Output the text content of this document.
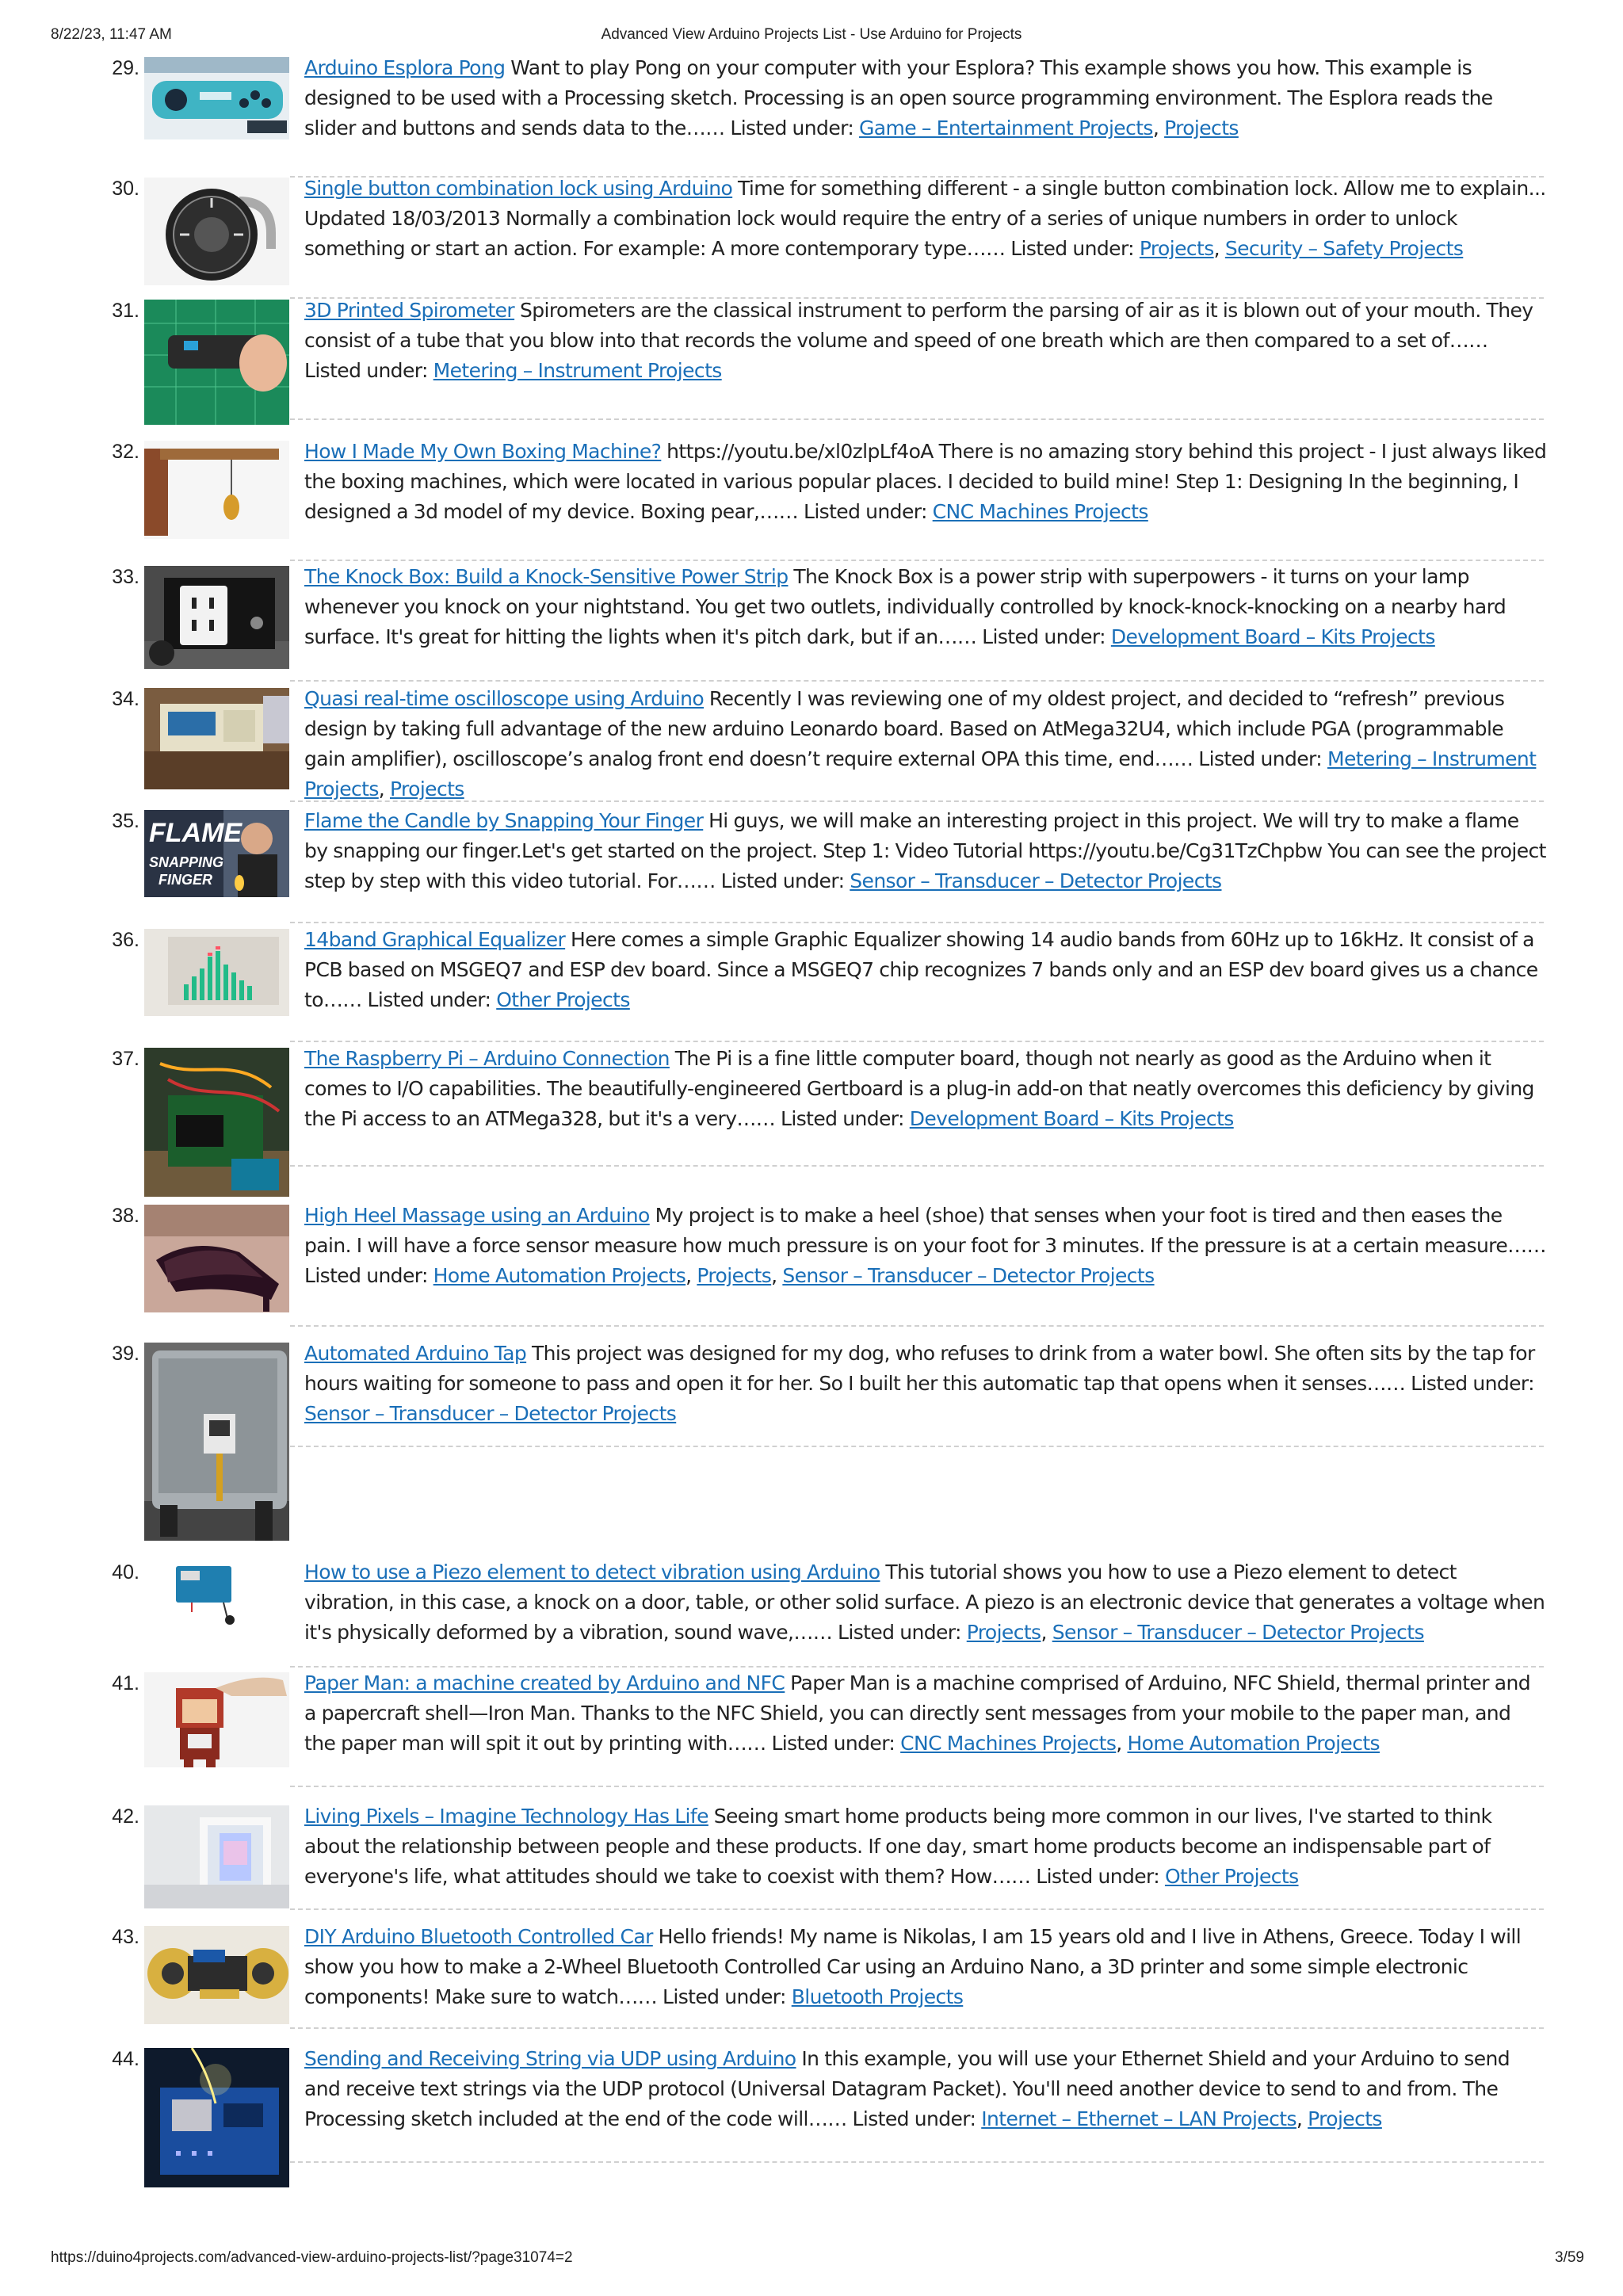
8/22/23, 11:47 AM	Advanced View Arduino Projects List - Use Arduino for Projects
29.	Arduino Esplora Pong Want to play Pong on your computer with your Esplora? This example shows you how. This example is designed to be used with a Processing sketch. Processing is an open source programming environment. The Esplora reads the slider and buttons and sends data to the…… Listed under: Game – Entertainment Projects, Projects
30.	Single button combination lock using Arduino Time for something different - a single button combination lock. Allow me to explain... Updated 18/03/2013 Normally a combination lock would require the entry of a series of unique numbers in order to unlock something or start an action. For example: A more contemporary type…… Listed under: Projects, Security – Safety Projects
31.	3D Printed Spirometer Spirometers are the classical instrument to perform the parsing of air as it is blown out of your mouth. They consist of a tube that you blow into that records the volume and speed of one breath which are then compared to a set of…… Listed under: Metering – Instrument Projects
32.	How I Made My Own Boxing Machine? https://youtu.be/xl0zlpLf4oA There is no amazing story behind this project - I just always liked the boxing machines, which were located in various popular places. I decided to build mine! Step 1: Designing In the beginning, I designed a 3d model of my device. Boxing pear,…… Listed under: CNC Machines Projects
33.	The Knock Box: Build a Knock-Sensitive Power Strip The Knock Box is a power strip with superpowers - it turns on your lamp whenever you knock on your nightstand. You get two outlets, individually controlled by knock-knock-knocking on a nearby hard surface. It's great for hitting the lights when it's pitch dark, but if an…… Listed under: Development Board – Kits Projects
34.	Quasi real-time oscilloscope using Arduino Recently I was reviewing one of my oldest project, and decided to “refresh” previous design by taking full advantage of the new arduino Leonardo board. Based on AtMega32U4, which include PGA (programmable gain amplifier), oscilloscope’s analog front end doesn’t require external OPA this time, end…… Listed under: Metering – Instrument Projects, Projects
35. FLAME
SNAPPING
FINGER
Flame the Candle by Snapping Your Finger Hi guys, we will make an interesting project in this project. We will try to make a flame by snapping our finger.Let's get started on the project. Step 1: Video Tutorial https://youtu.be/Cg31TzChpbw You can see the project step by step with this video tutorial. For…… Listed under: Sensor – Transducer – Detector Projects
36.	14band Graphical Equalizer Here comes a simple Graphic Equalizer showing 14 audio bands from 60Hz up to 16kHz. It consist of a PCB based on MSGEQ7 and ESP dev board. Since a MSGEQ7 chip recognizes 7 bands only and an ESP dev board gives us a chance to…… Listed under: Other Projects
37.	The Raspberry Pi – Arduino Connection The Pi is a fine little computer board, though not nearly as good as the Arduino when it comes to I/O capabilities. The beautifully-engineered Gertboard is a plug-in add-on that neatly overcomes this deficiency by giving the Pi access to an ATMega328, but it's a very…… Listed under: Development Board – Kits Projects
38.	High Heel Massage using an Arduino My project is to make a heel (shoe) that senses when your foot is tired and then eases the pain. I will have a force sensor measure how much pressure is on your foot for 3 minutes. If the pressure is at a certain measure…… Listed under: Home Automation Projects, Projects, Sensor – Transducer – Detector Projects
39.	Automated Arduino Tap This project was designed for my dog, who refuses to drink from a water bowl. She often sits by the tap for hours waiting for someone to pass and open it for her. So I built her this automatic tap that opens when it senses…… Listed under: Sensor – Transducer – Detector Projects
40.	How to use a Piezo element to detect vibration using Arduino This tutorial shows you how to use a Piezo element to detect vibration, in this case, a knock on a door, table, or other solid surface. A piezo is an electronic device that generates a voltage when it's physically deformed by a vibration, sound wave,…… Listed under: Projects, Sensor – Transducer – Detector Projects
41.	Paper Man: a machine created by Arduino and NFC Paper Man is a machine comprised of Arduino, NFC Shield, thermal printer and a papercraft shell—Iron Man. Thanks to the NFC Shield, you can directly sent messages from your mobile to the paper man, and the paper man will spit it out by printing with…… Listed under: CNC Machines Projects, Home Automation Projects
42.	Living Pixels – Imagine Technology Has Life Seeing smart home products being more common in our lives, I've started to think about the relationship between people and these products. If one day, smart home products become an indispensable part of everyone's life, what attitudes should we take to coexist with them? How…… Listed under: Other Projects
43.	DIY Arduino Bluetooth Controlled Car Hello friends! My name is Nikolas, I am 15 years old and I live in Athens, Greece. Today I will show you how to make a 2-Wheel Bluetooth Controlled Car using an Arduino Nano, a 3D printer and some simple electronic components! Make sure to watch…… Listed under: Bluetooth Projects
44.	Sending and Receiving String via UDP using Arduino In this example, you will use your Ethernet Shield and your Arduino to send and receive text strings via the UDP protocol (Universal Datagram Packet). You'll need another device to send to and from. The Processing sketch included at the end of the code will…… Listed under: Internet – Ethernet – LAN Projects, Projects
https://duino4projects.com/advanced-view-arduino-projects-list/?page31074=2	3/59
